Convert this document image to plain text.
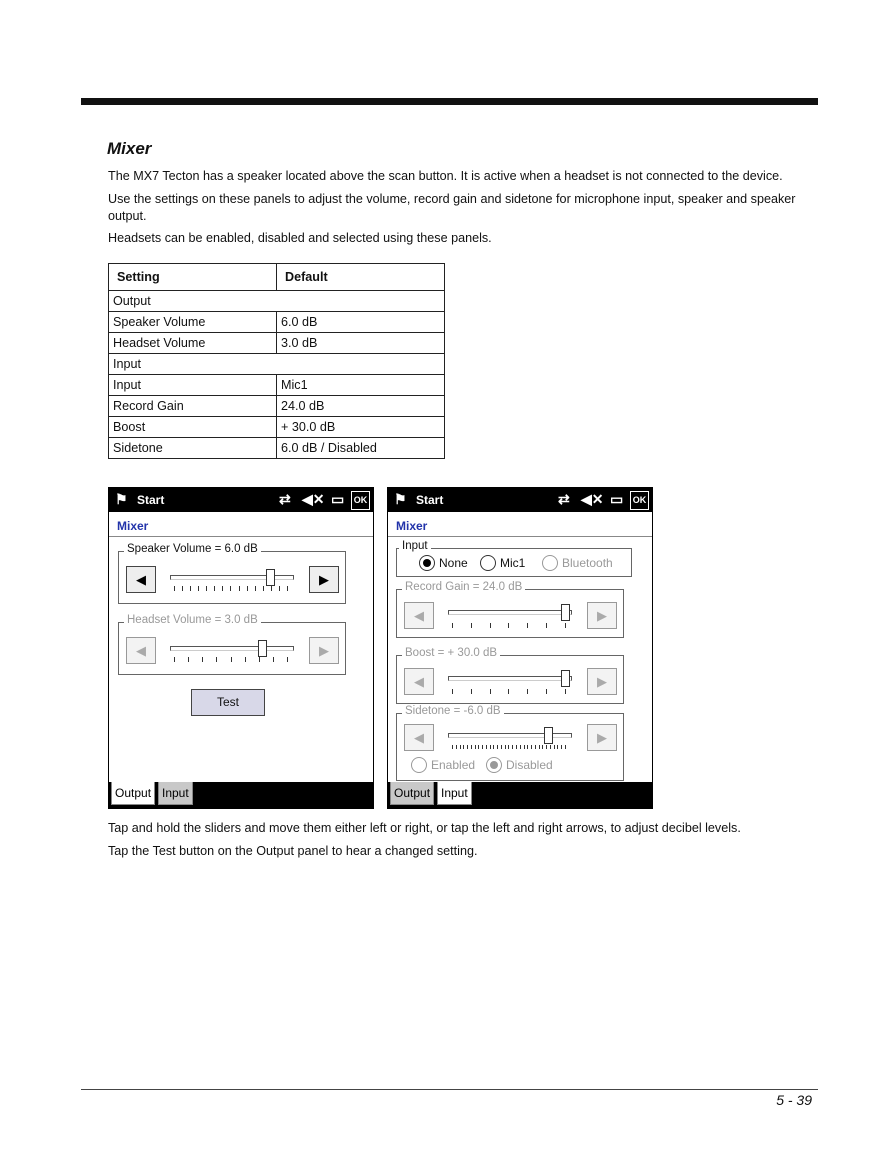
Mixer

The MX7 Tecton has a speaker located above the scan button. It is active when a headset is not connected to the device.

Use the settings on these panels to adjust the volume, record gain and sidetone for microphone input, speaker and speaker output.

Headsets can be enabled, disabled and selected using these panels.

Setting	Default
Output	
Speaker Volume	6.0 dB
Headset Volume	3.0 dB
Input	
Input	Mic1
Record Gain	24.0 dB
Boost	+ 30.0 dB
Sidetone	6.0 dB / Disabled
⚑ Start	⇄ ◀✕ ▭	OK
Mixer
Speaker Volume = 6.0 dB
◀	▶
Headset Volume = 3.0 dB
◀	▶
Test
Output Input
⚑ Start	⇄ ◀✕ ▭	OK
Mixer
Input
None	Mic1	Bluetooth
Record Gain = 24.0 dB
◀	▶
Boost = + 30.0 dB
◀	▶
Sidetone = -6.0 dB
◀	▶
Enabled	Disabled
Output Input

Tap and hold the sliders and move them either left or right, or tap the left and right arrows, to adjust decibel levels.

Tap the Test button on the Output panel to hear a changed setting.

5 - 39
